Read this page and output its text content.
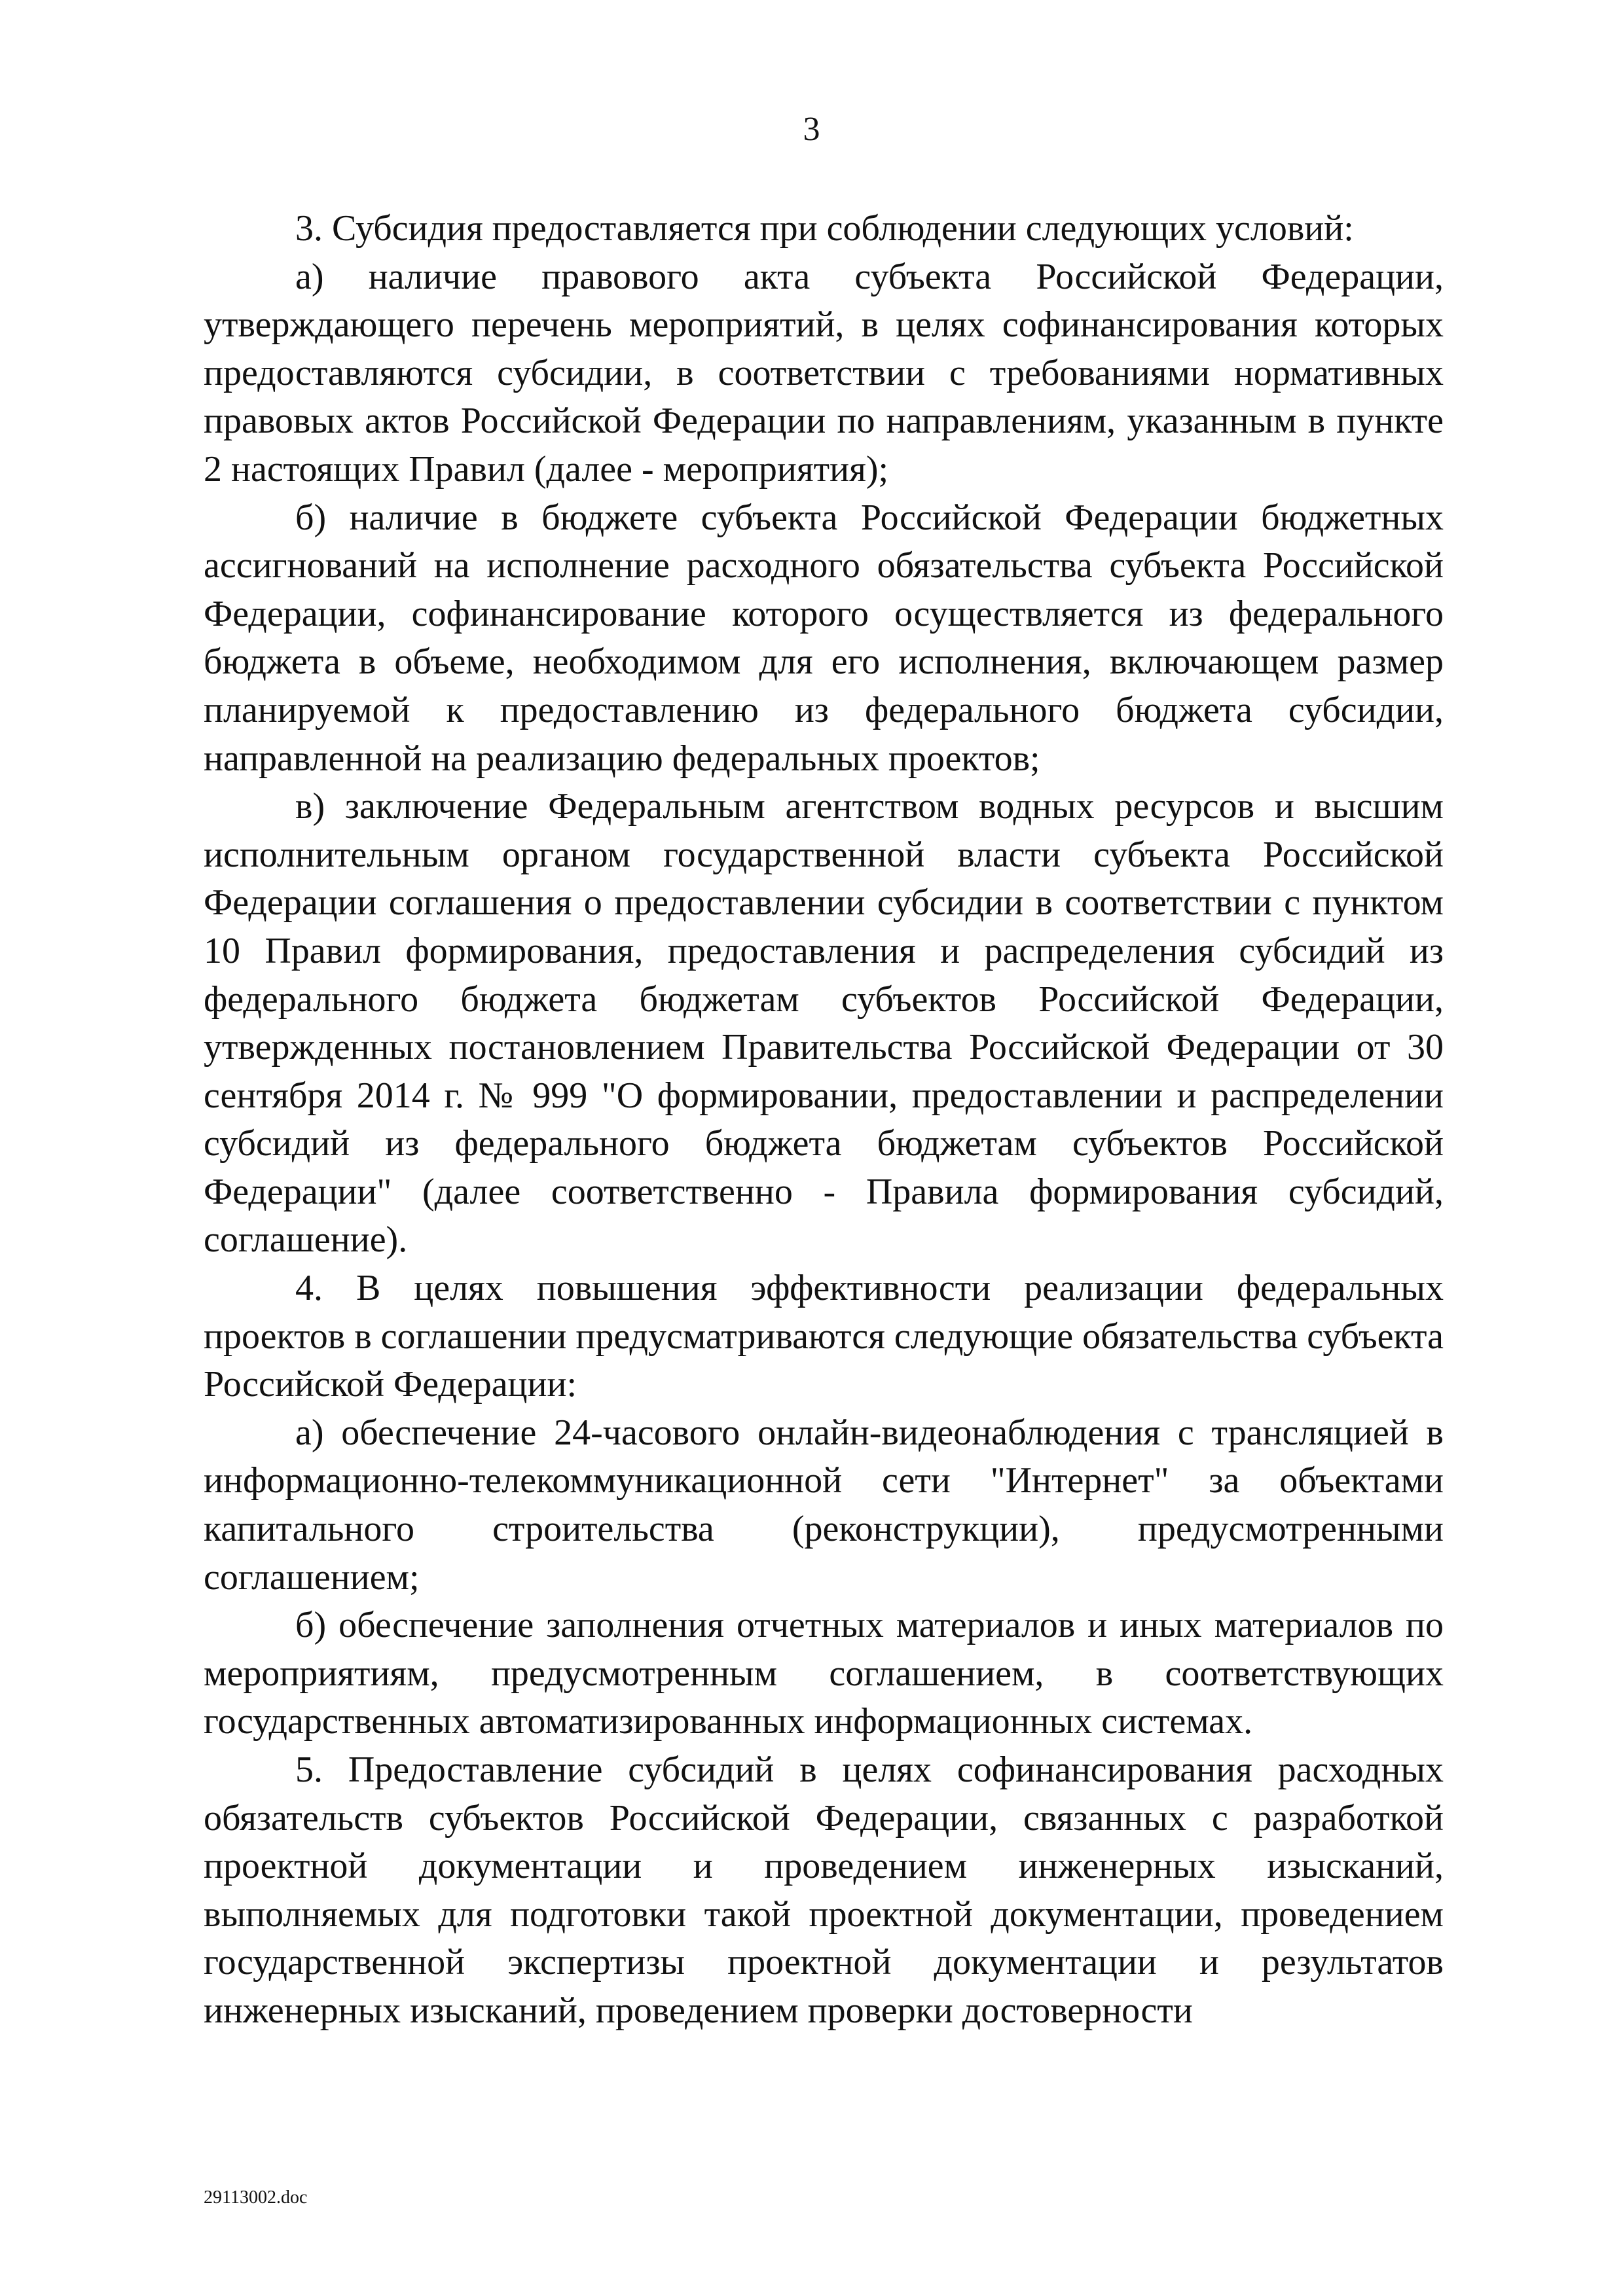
3

3. Субсидия предоставляется при соблюдении следующих условий:

а) наличие правового акта субъекта Российской Федерации, утверждающего перечень мероприятий, в целях софинансирования которых предоставляются субсидии, в соответствии с требованиями нормативных правовых актов Российской Федерации по направлениям, указанным в пункте 2 настоящих Правил (далее - мероприятия);

б) наличие в бюджете субъекта Российской Федерации бюджетных ассигнований на исполнение расходного обязательства субъекта Российской Федерации, софинансирование которого осуществляется из федерального бюджета в объеме, необходимом для его исполнения, включающем размер планируемой к предоставлению из федерального бюджета субсидии, направленной на реализацию федеральных проектов;

в) заключение Федеральным агентством водных ресурсов и высшим исполнительным органом государственной власти субъекта Российской Федерации соглашения о предоставлении субсидии в соответствии с пунктом 10 Правил формирования, предоставления и распределения субсидий из федерального бюджета бюджетам субъектов Российской Федерации, утвержденных постановлением Правительства Российской Федерации от 30 сентября 2014 г. № 999 "О формировании, предоставлении и распределении субсидий из федерального бюджета бюджетам субъектов Российской Федерации" (далее соответственно - Правила формирования субсидий, соглашение).

4. В целях повышения эффективности реализации федеральных проектов в соглашении предусматриваются следующие обязательства субъекта Российской Федерации:

а) обеспечение 24-часового онлайн-видеонаблюдения с трансляцией в информационно-телекоммуникационной сети "Интернет" за объектами капитального строительства (реконструкции), предусмотренными соглашением;

б) обеспечение заполнения отчетных материалов и иных материалов по мероприятиям, предусмотренным соглашением, в соответствующих государственных автоматизированных информационных системах.

5. Предоставление субсидий в целях софинансирования расходных обязательств субъектов Российской Федерации, связанных с разработкой проектной документации и проведением инженерных изысканий, выполняемых для подготовки такой проектной документации, проведением государственной экспертизы проектной документации и результатов инженерных изысканий, проведением проверки достоверности

29113002.doc
